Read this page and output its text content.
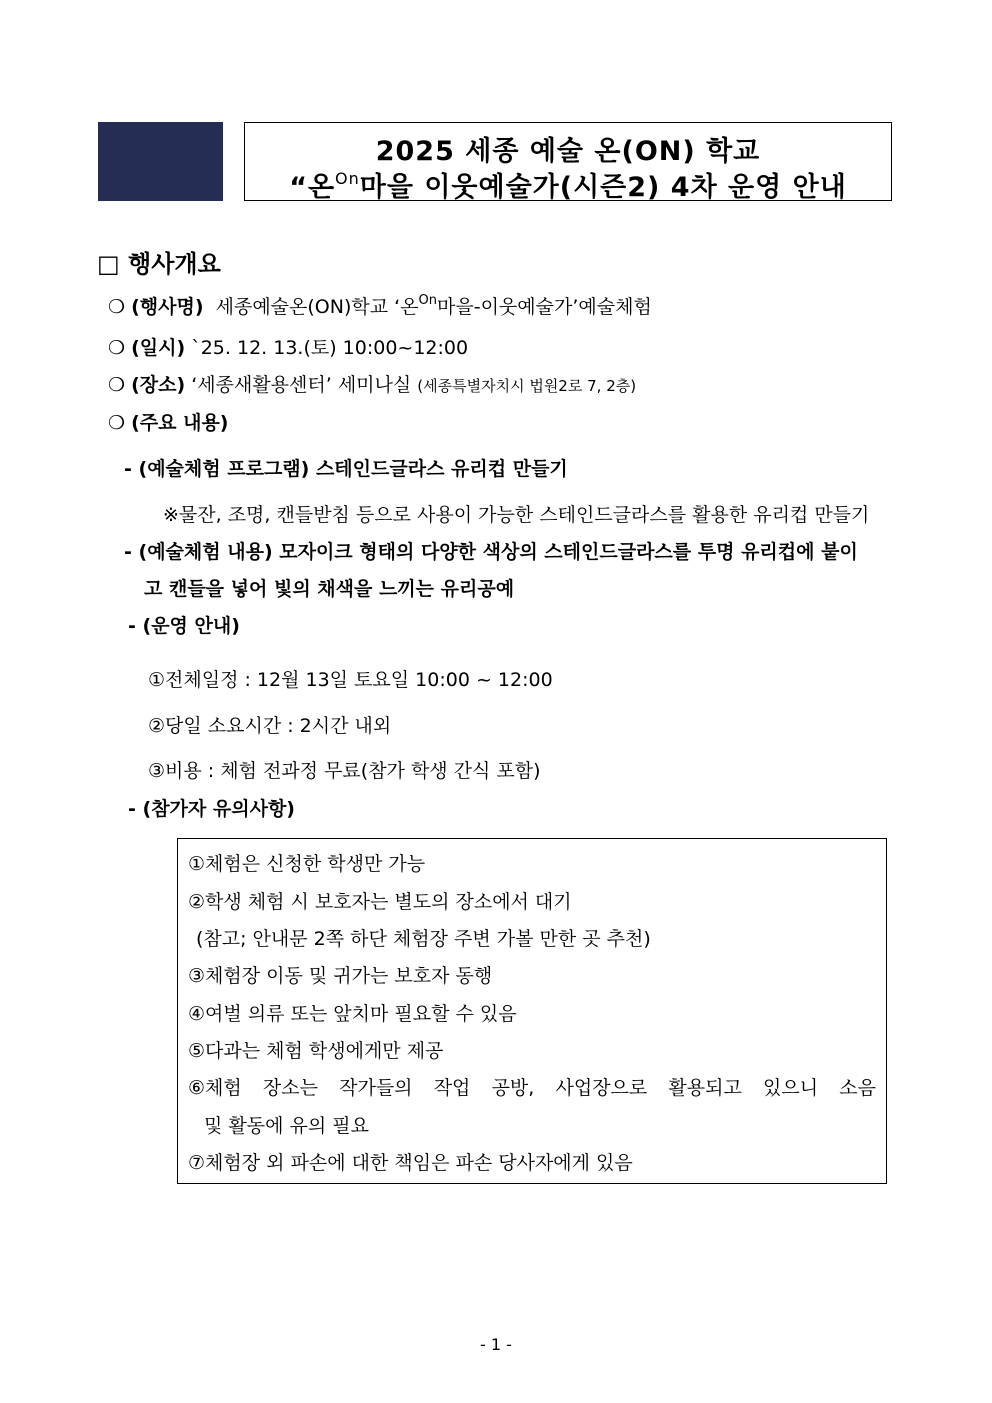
2025 세종 예술 온(ON) 학교
“온$^{On}$마을 이웃예술가(시즌2) 4차 운영 안내
□ 행사개요
❍ (행사명) 세종예술온(ON)학교 ‘온$^{On}$마을-이웃예술가’예술체험
❍ (일시) `25. 12. 13.(토) 10:00~12:00
❍ (장소) ‘세종새활용센터’ 세미나실 (세종특별자치시 법원2로 7, 2층)
❍ (주요 내용)
- (예술체험 프로그램) 스테인드글라스 유리컵 만들기
※물잔, 조명, 캔들받침 등으로 사용이 가능한 스테인드글라스를 활용한 유리컵 만들기
- (예술체험 내용) 모자이크 형태의 다양한 색상의 스테인드글라스를 투명 유리컵에 붙이
고 캔들을 넣어 빛의 채색을 느끼는 유리공예
- (운영 안내)
①전체일정 : 12월 13일 토요일 10:00 ~ 12:00
②당일 소요시간 : 2시간 내외
③비용 : 체험 전과정 무료(참가 학생 간식 포함)
- (참가자 유의사항)
①체험은 신청한 학생만 가능
②학생 체험 시 보호자는 별도의 장소에서 대기
(참고; 안내문 2쪽 하단 체험장 주변 가볼 만한 곳 추천)
③체험장 이동 및 귀가는 보호자 동행
④여벌 의류 또는 앞치마 필요할 수 있음
⑤다과는 체험 학생에게만 제공
⑥체험 장소는 작가들의 작업 공방, 사업장으로 활용되고 있으니 소음
및 활동에 유의 필요
⑦체험장 외 파손에 대한 책임은 파손 당사자에게 있음
- 1 -
